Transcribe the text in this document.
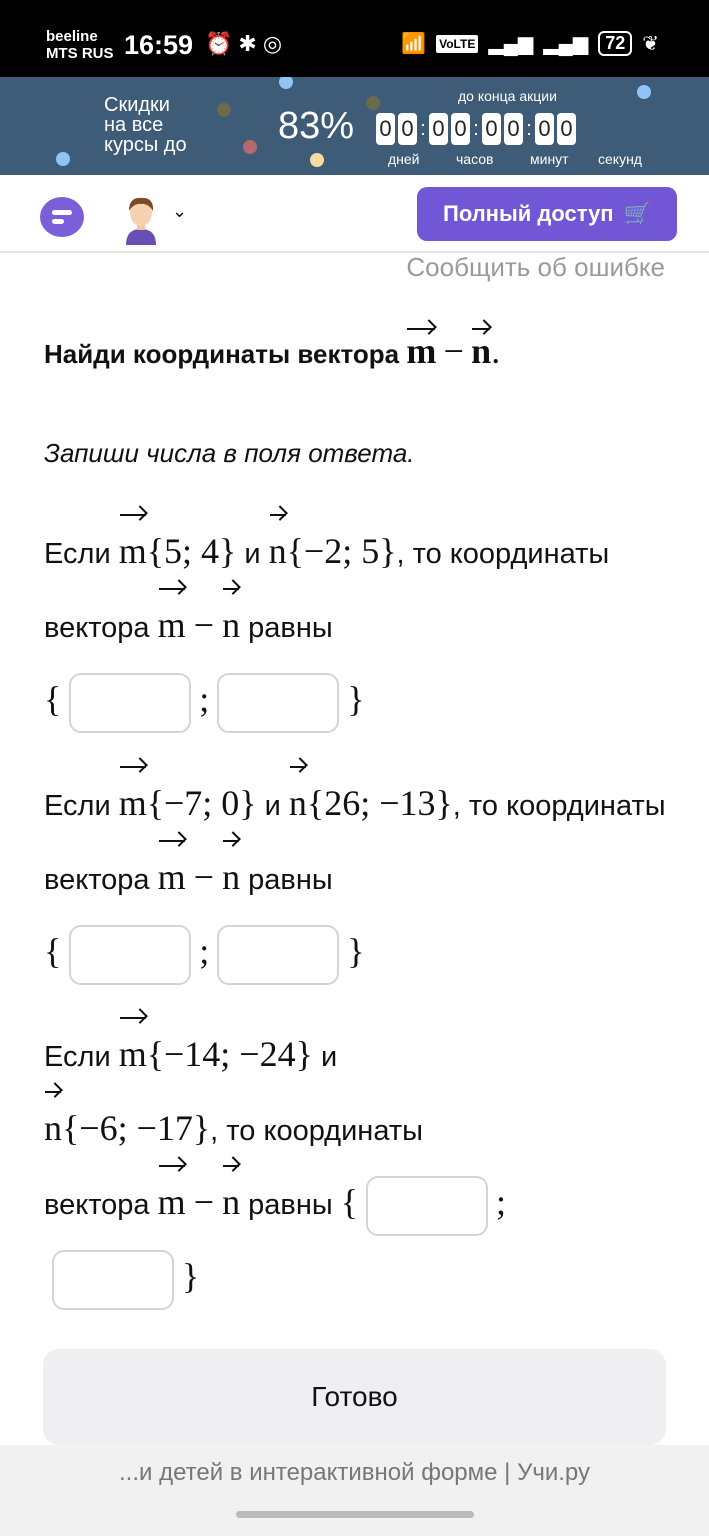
beeline
MTS RUS 16:59 ⏰✱◎	📶 VoLTE ▂▄▆ ▂▄▆ 72 ❦
Скидки
на все
курсы до 83%
до конца акции
0 0 : 0 0 : 0 0 : 0 0
дней	часов	минут секунд
⌄	Полный доступ 🛒
Сообщить об ошибке
Найди координаты вектора m − n.
Запиши числа в поля ответа.
Если m{5; 4} и n{−2; 5}, то координаты вектора m − n равны
{	;	}
Если m{−7; 0} и n{26; −13}, то координаты вектора m − n равны
{	;	}
Если m{−14; −24} и
n{−6; −17}, то координаты
вектора m − n равны {	;
}
Готово
...и детей в интерактивной форме | Учи.ру
